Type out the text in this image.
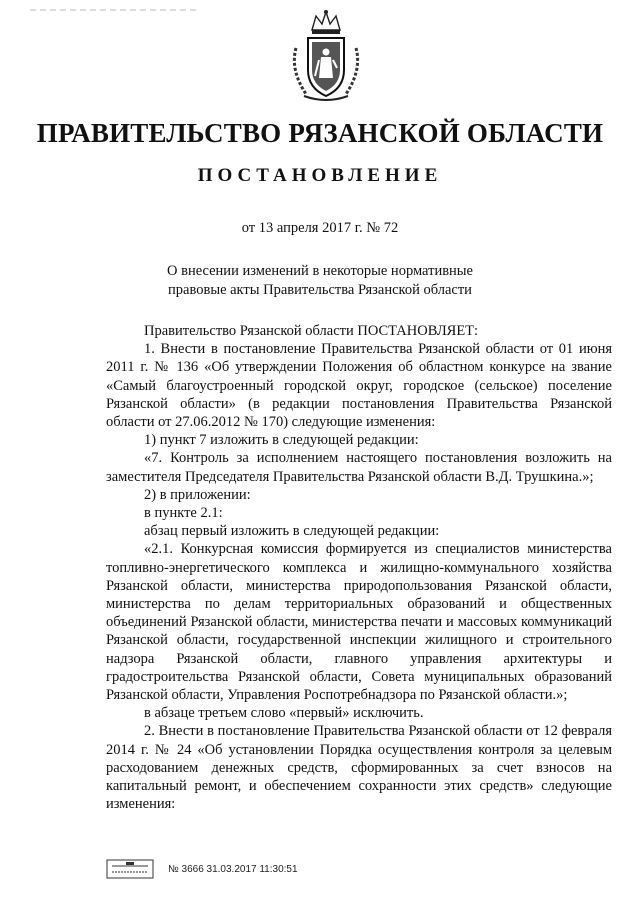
ПРАВИТЕЛЬСТВО РЯЗАНСКОЙ ОБЛАСТИ
ПОСТАНОВЛЕНИЕ
от 13 апреля 2017 г. № 72
О внесении изменений в некоторые нормативные
правовые акты Правительства Рязанской области

Правительство Рязанской области ПОСТАНОВЛЯЕТ:

1. Внести в постановление Правительства Рязанской области от 01 июня 2011 г. № 136 «Об утверждении Положения об областном конкурсе на звание «Самый благоустроенный городской округ, городское (сельское) поселение Рязанской области» (в редакции постановления Правительства Рязанской области от 27.06.2012 № 170) следующие изменения:

1) пункт 7 изложить в следующей редакции:

«7. Контроль за исполнением настоящего постановления возложить на заместителя Председателя Правительства Рязанской области В.Д. Трушкина.»;

2) в приложении:

в пункте 2.1:

абзац первый изложить в следующей редакции:

«2.1. Конкурсная комиссия формируется из специалистов министерства топливно-энергетического комплекса и жилищно-коммунального хозяйства Рязанской области, министерства природопользования Рязанской области, министерства по делам территориальных образований и общественных объединений Рязанской области, министерства печати и массовых коммуникаций Рязанской области, государственной инспекции жилищного и строительного надзора Рязанской области, главного управления архитектуры и градостроительства Рязанской области, Совета муниципальных образований Рязанской области, Управления Роспотребнадзора по Рязанской области.»;

в абзаце третьем слово «первый» исключить.

2. Внести в постановление Правительства Рязанской области от 12 февраля 2014 г. № 24 «Об установлении Порядка осуществления контроля за целевым расходованием денежных средств, сформированных за счет взносов на капитальный ремонт, и обеспечением сохранности этих средств» следующие изменения:

№ 3666 31.03.2017 11:30:51
